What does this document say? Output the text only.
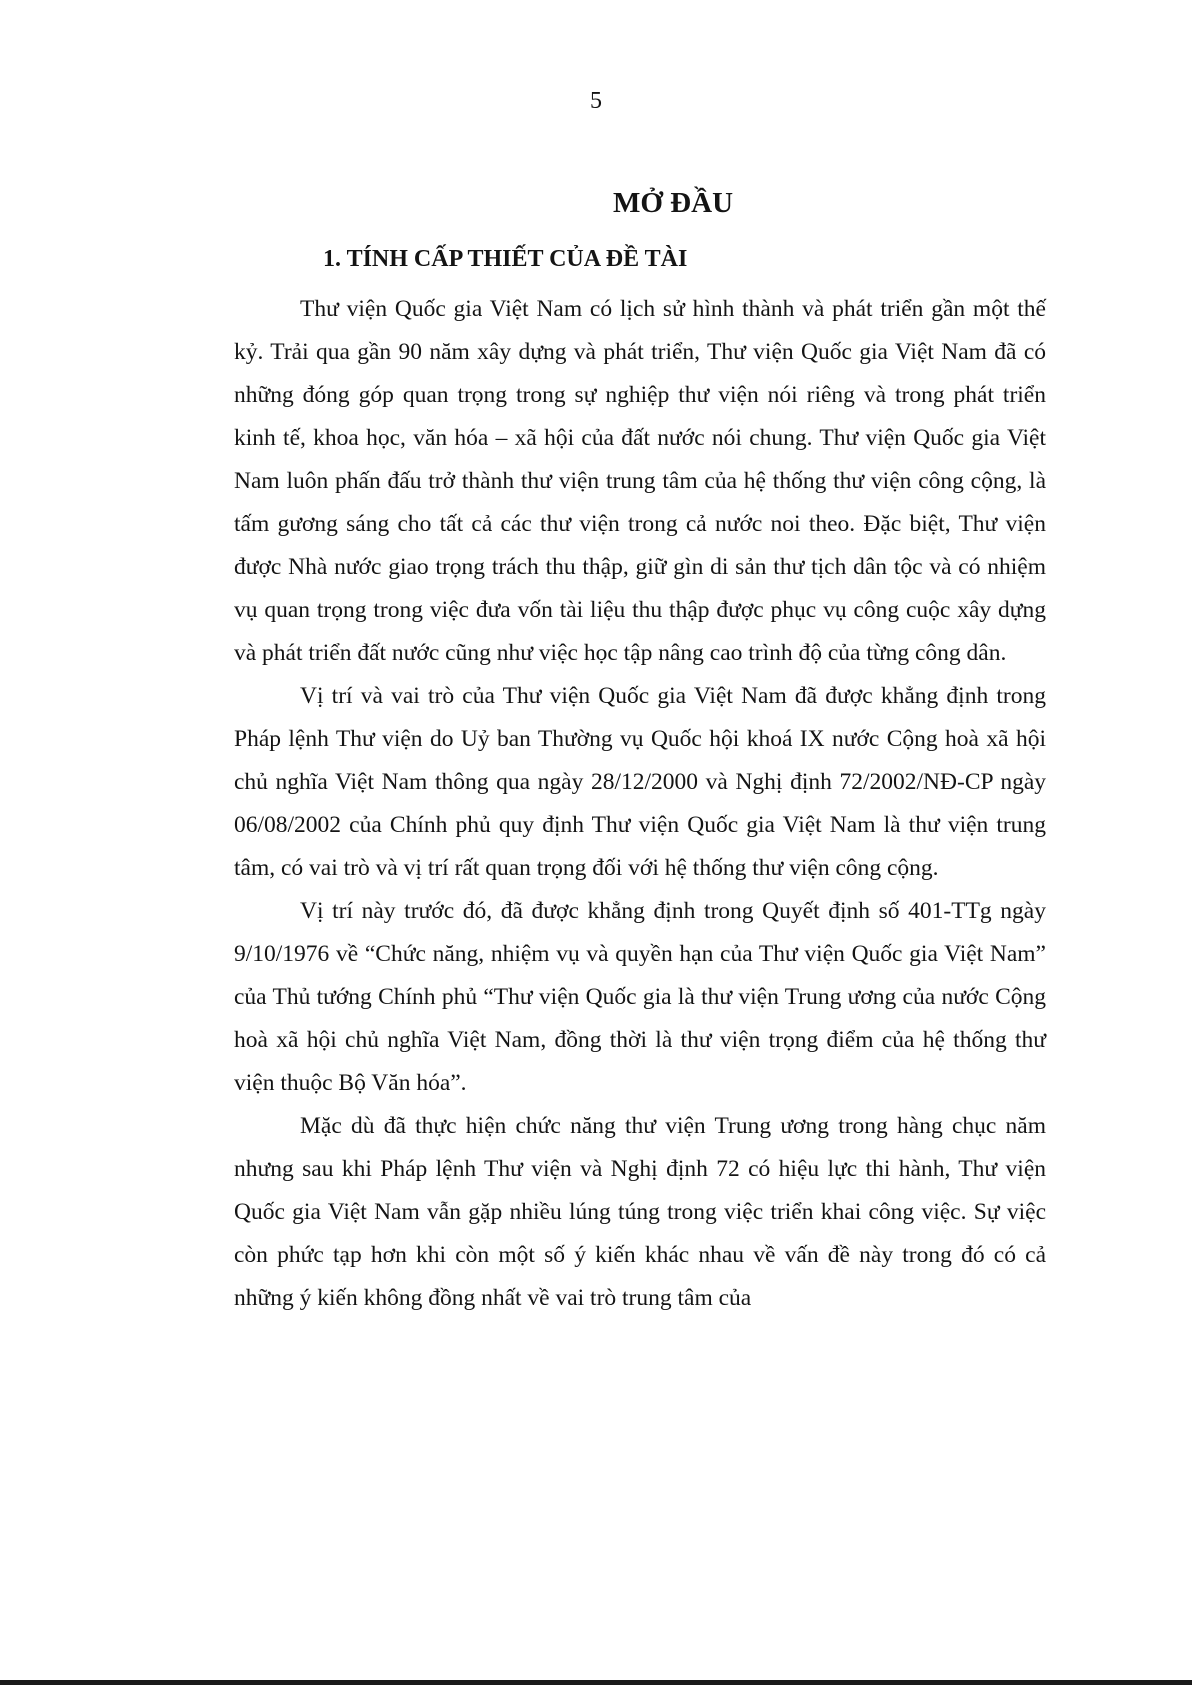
5
MỞ ĐẦU
1. TÍNH CẤP THIẾT CỦA ĐỀ TÀI

Thư viện Quốc gia Việt Nam có lịch sử hình thành và phát triển gần một thế kỷ. Trải qua gần 90 năm xây dựng và phát triển, Thư viện Quốc gia Việt Nam đã có những đóng góp quan trọng trong sự nghiệp thư viện nói riêng và trong phát triển kinh tế, khoa học, văn hóa – xã hội của đất nước nói chung. Thư viện Quốc gia Việt Nam luôn phấn đấu trở thành thư viện trung tâm của hệ thống thư viện công cộng, là tấm gương sáng cho tất cả các thư viện trong cả nước noi theo. Đặc biệt, Thư viện được Nhà nước giao trọng trách thu thập, giữ gìn di sản thư tịch dân tộc và có nhiệm vụ quan trọng trong việc đưa vốn tài liệu thu thập được phục vụ công cuộc xây dựng và phát triển đất nước cũng như việc học tập nâng cao trình độ của từng công dân.

Vị trí và vai trò của Thư viện Quốc gia Việt Nam đã được khẳng định trong Pháp lệnh Thư viện do Uỷ ban Thường vụ Quốc hội khoá IX nước Cộng hoà xã hội chủ nghĩa Việt Nam thông qua ngày 28/12/2000 và Nghị định 72/2002/NĐ-CP ngày 06/08/2002 của Chính phủ quy định Thư viện Quốc gia Việt Nam là thư viện trung tâm, có vai trò và vị trí rất quan trọng đối với hệ thống thư viện công cộng.

Vị trí này trước đó, đã được khẳng định trong Quyết định số 401-TTg ngày 9/10/1976 về “Chức năng, nhiệm vụ và quyền hạn của Thư viện Quốc gia Việt Nam” của Thủ tướng Chính phủ “Thư viện Quốc gia là thư viện Trung ương của nước Cộng hoà xã hội chủ nghĩa Việt Nam, đồng thời là thư viện trọng điểm của hệ thống thư viện thuộc Bộ Văn hóa”.

Mặc dù đã thực hiện chức năng thư viện Trung ương trong hàng chục năm nhưng sau khi Pháp lệnh Thư viện và Nghị định 72 có hiệu lực thi hành, Thư viện Quốc gia Việt Nam vẫn gặp nhiều lúng túng trong việc triển khai công việc. Sự việc còn phức tạp hơn khi còn một số ý kiến khác nhau về vấn đề này trong đó có cả những ý kiến không đồng nhất về vai trò trung tâm của
